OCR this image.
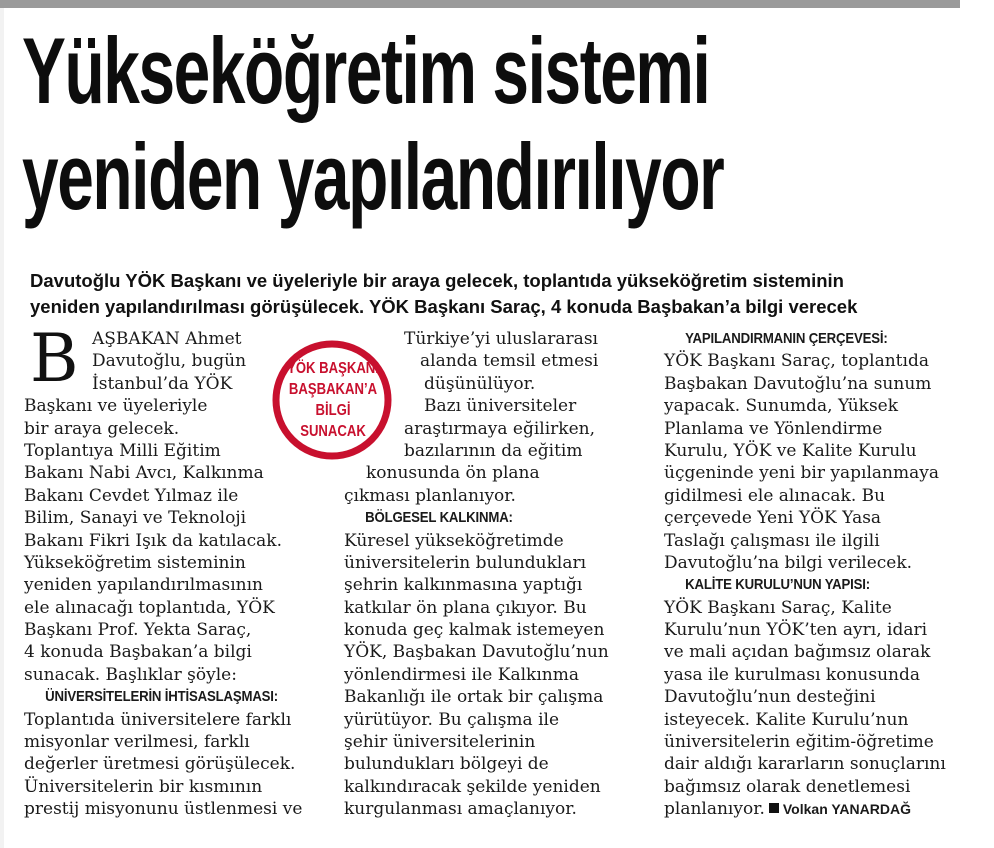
Yükseköğretim sistemi
yeniden yapılandırılıyor

Davutoğlu YÖK Başkanı ve üyeleriyle bir araya gelecek, toplantıda yükseköğretim sisteminin
yeniden yapılandırılması görüşülecek. YÖK Başkanı Saraç, 4 konuda Başbakan’a bilgi verecek

B AŞBAKAN Ahmet
Davutoğlu, bugün
İstanbul’da YÖK
Başkanı ve üyeleriyle
bir araya gelecek.
Toplantıya Milli Eğitim
Bakanı Nabi Avcı, Kalkınma
Bakanı Cevdet Yılmaz ile
Bilim, Sanayi ve Teknoloji
Bakanı Fikri Işık da katılacak.
Yükseköğretim sisteminin
yeniden yapılandırılmasının
ele alınacağı toplantıda, YÖK
Başkanı Prof. Yekta Saraç,
4 konuda Başbakan’a bilgi
sunacak. Başlıklar şöyle:
ÜNİVERSİTELERİN İHTİSASLAŞMASI:
Toplantıda üniversitelere farklı
misyonlar verilmesi, farklı
değerler üretmesi görüşülecek.
Üniversitelerin bir kısmının
prestij misyonunu üstlenmesi ve
YÖK BAŞKANI
BAŞBAKAN’A
BİLGİ
SUNACAK
Türkiye’yi uluslararası
alanda temsil etmesi
düşünülüyor.
Bazı üniversiteler
araştırmaya eğilirken,
bazılarının da eğitim
konusunda ön plana
çıkması planlanıyor.
BÖLGESEL KALKINMA:
Küresel yükseköğretimde
üniversitelerin bulundukları
şehrin kalkınmasına yaptığı
katkılar ön plana çıkıyor. Bu
konuda geç kalmak istemeyen
YÖK, Başbakan Davutoğlu’nun
yönlendirmesi ile Kalkınma
Bakanlığı ile ortak bir çalışma
yürütüyor. Bu çalışma ile
şehir üniversitelerinin
bulundukları bölgeyi de
kalkındıracak şekilde yeniden
kurgulanması amaçlanıyor.
YAPILANDIRMANIN ÇERÇEVESİ:
YÖK Başkanı Saraç, toplantıda
Başbakan Davutoğlu’na sunum
yapacak. Sunumda, Yüksek
Planlama ve Yönlendirme
Kurulu, YÖK ve Kalite Kurulu
üçgeninde yeni bir yapılanmaya
gidilmesi ele alınacak. Bu
çerçevede Yeni YÖK Yasa
Taslağı çalışması ile ilgili
Davutoğlu’na bilgi verilecek.
KALİTE KURULU’NUN YAPISI:
YÖK Başkanı Saraç, Kalite
Kurulu’nun YÖK’ten ayrı, idari
ve mali açıdan bağımsız olarak
yasa ile kurulması konusunda
Davutoğlu’nun desteğini
isteyecek. Kalite Kurulu’nun
üniversitelerin eğitim-öğretime
dair aldığı kararların sonuçlarını
bağımsız olarak denetlemesi
planlanıyor. Volkan YANARDAĞ
